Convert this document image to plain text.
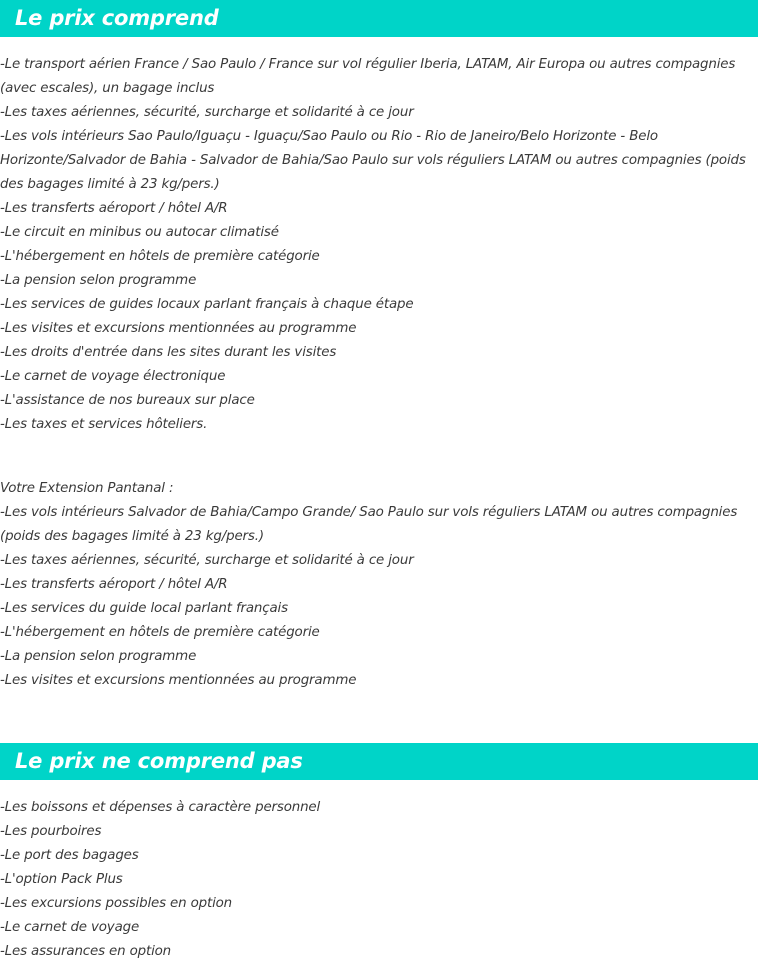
Le prix comprend
-Le transport aérien France / Sao Paulo / France sur vol régulier Iberia, LATAM, Air Europa ou autres compagnies (avec escales), un bagage inclus
-Les taxes aériennes, sécurité, surcharge et solidarité à ce jour
-Les vols intérieurs Sao Paulo/Iguaçu - Iguaçu/Sao Paulo ou Rio - Rio de Janeiro/Belo Horizonte - Belo Horizonte/Salvador de Bahia - Salvador de Bahia/Sao Paulo sur vols réguliers LATAM ou autres compagnies (poids des bagages limité à 23 kg/pers.)
-Les transferts aéroport / hôtel A/R
-Le circuit en minibus ou autocar climatisé
-L'hébergement en hôtels de première catégorie
-La pension selon programme
-Les services de guides locaux parlant français à chaque étape
-Les visites et excursions mentionnées au programme
-Les droits d'entrée dans les sites durant les visites
-Le carnet de voyage électronique
-L'assistance de nos bureaux sur place
-Les taxes et services hôteliers.
Votre Extension Pantanal :
-Les vols intérieurs Salvador de Bahia/Campo Grande/ Sao Paulo sur vols réguliers LATAM ou autres compagnies (poids des bagages limité à 23 kg/pers.)
-Les taxes aériennes, sécurité, surcharge et solidarité à ce jour
-Les transferts aéroport / hôtel A/R
-Les services du guide local parlant français
-L'hébergement en hôtels de première catégorie
-La pension selon programme
-Les visites et excursions mentionnées au programme
Le prix ne comprend pas
-Les boissons et dépenses à caractère personnel
-Les pourboires
-Le port des bagages
-L'option Pack Plus
-Les excursions possibles en option
-Le carnet de voyage
-Les assurances en option
